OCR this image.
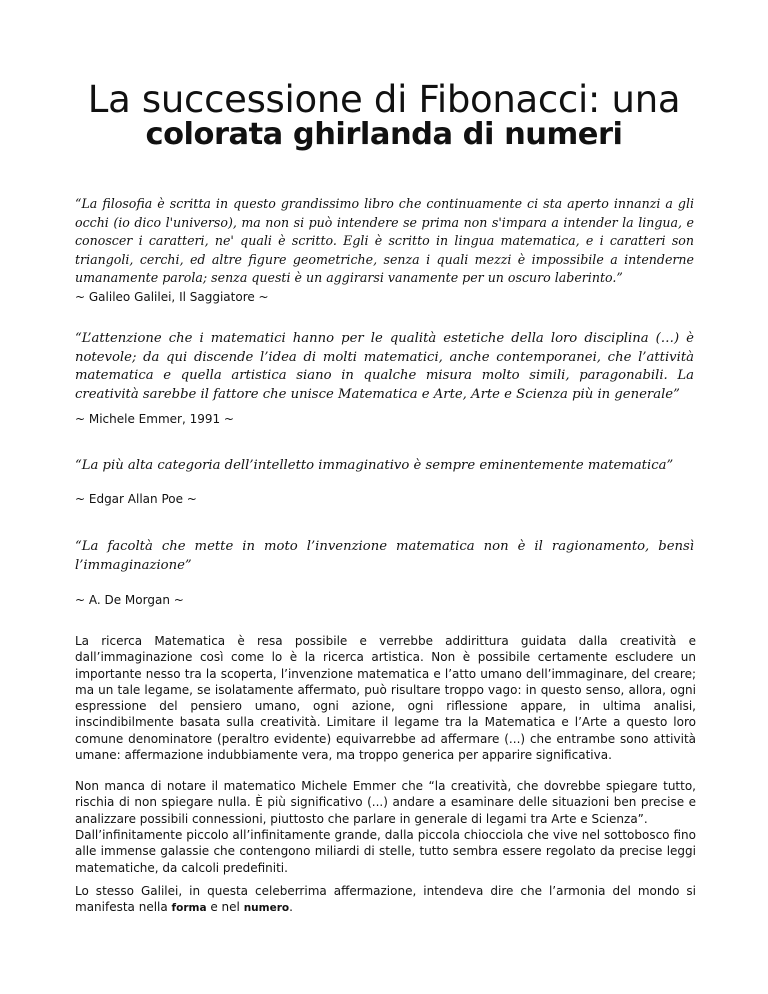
La successione di Fibonacci: una
colorata ghirlanda di numeri

“La filosofia è scritta in questo grandissimo libro che continuamente ci sta aperto innanzi a gli occhi (io dico l'universo), ma non si può intendere se prima non s'impara a intender la lingua, e conoscer i caratteri, ne' quali è scritto. Egli è scritto in lingua matematica, e i caratteri son triangoli, cerchi, ed altre figure geometriche, senza i quali mezzi è impossibile a intenderne umanamente parola; senza questi è un aggirarsi vanamente per un oscuro laberinto.”

~ Galileo Galilei, Il Saggiatore ~

“L’attenzione che i matematici hanno per le qualità estetiche della loro disciplina (…) è notevole; da qui discende l’idea di molti matematici, anche contemporanei, che l’attività matematica e quella artistica siano in qualche misura molto simili, paragonabili. La creatività sarebbe il fattore che unisce Matematica e Arte, Arte e Scienza più in generale”

~ Michele Emmer, 1991 ~

“La più alta categoria dell’intelletto immaginativo è sempre eminentemente matematica”

~ Edgar Allan Poe ~

“La facoltà che mette in moto l’invenzione matematica non è il ragionamento, bensì l’immaginazione”

~ A. De Morgan ~

La ricerca Matematica è resa possibile e verrebbe addirittura guidata dalla creatività e dall’immaginazione così come lo è la ricerca artistica. Non è possibile certamente escludere un importante nesso tra la scoperta, l’invenzione matematica e l’atto umano dell’immaginare, del creare; ma un tale legame, se isolatamente affermato, può risultare troppo vago: in questo senso, allora, ogni espressione del pensiero umano, ogni azione, ogni riflessione appare, in ultima analisi, inscindibilmente basata sulla creatività. Limitare il legame tra la Matematica e l’Arte a questo loro comune denominatore (peraltro evidente) equivarrebbe ad affermare (...) che entrambe sono attività umane: affermazione indubbiamente vera, ma troppo generica per apparire significativa.

Non manca di notare il matematico Michele Emmer che “la creatività, che dovrebbe spiegare tutto, rischia di non spiegare nulla. È più significativo (...) andare a esaminare delle situazioni ben precise e analizzare possibili connessioni, piuttosto che parlare in generale di legami tra Arte e Scienza”.

Dall’infinitamente piccolo all’infinitamente grande, dalla piccola chiocciola che vive nel sottobosco fino alle immense galassie che contengono miliardi di stelle, tutto sembra essere regolato da precise leggi matematiche, da calcoli predefiniti.

Lo stesso Galilei, in questa celeberrima affermazione, intendeva dire che l’armonia del mondo si manifesta nella forma e nel numero.
